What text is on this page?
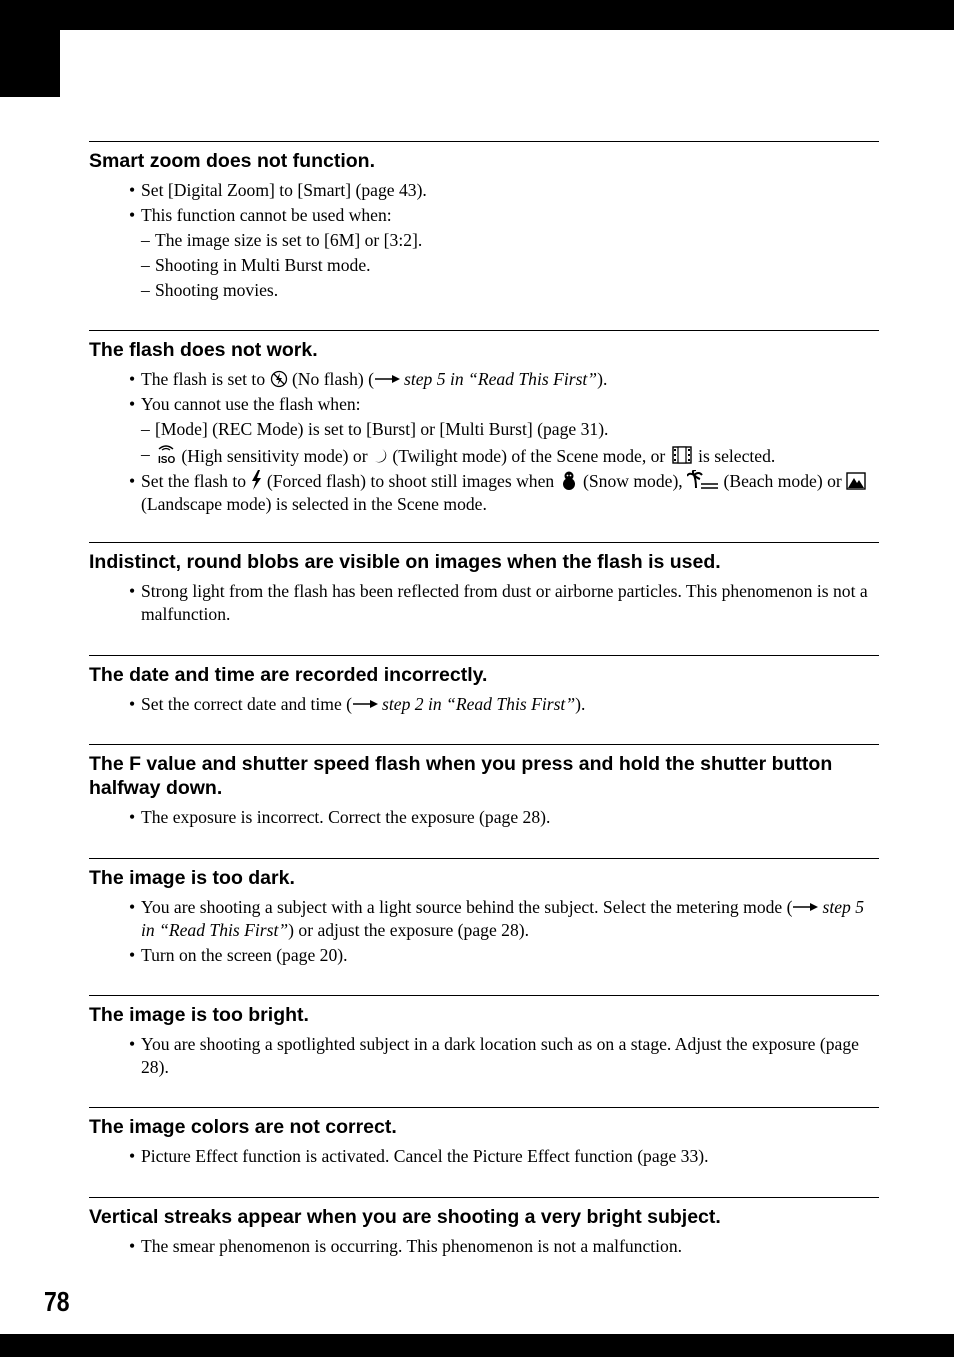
Smart zoom does not function.
• Set [Digital Zoom] to [Smart] (page 43).
• This function cannot be used when:
– The image size is set to [6M] or [3:2].
– Shooting in Multi Burst mode.
– Shooting movies.
The flash does not work.
• The flash is set to (No flash) ( step 5 in “Read This First”).
• You cannot use the flash when:
– [Mode] (REC Mode) is set to [Burst] or [Multi Burst] (page 31).
– ISO (High sensitivity mode) or (Twilight mode) of the Scene mode, or is selected.
• Set the flash to (Forced flash) to shoot still images when (Snow mode), (Beach mode) or  (Landscape mode) is selected in the Scene mode.
Indistinct, round blobs are visible on images when the flash is used.
• Strong light from the flash has been reflected from dust or airborne particles. This phenomenon is not a malfunction.
The date and time are recorded incorrectly.
• Set the correct date and time ( step 2 in “Read This First”).
The F value and shutter speed flash when you press and hold the shutter button halfway down.
• The exposure is incorrect. Correct the exposure (page 28).
The image is too dark.
• You are shooting a subject with a light source behind the subject. Select the metering mode ( step 5 in “Read This First”) or adjust the exposure (page 28).
• Turn on the screen (page 20).
The image is too bright.
• You are shooting a spotlighted subject in a dark location such as on a stage. Adjust the exposure (page 28).
The image colors are not correct.
• Picture Effect function is activated. Cancel the Picture Effect function (page 33).
Vertical streaks appear when you are shooting a very bright subject.
• The smear phenomenon is occurring. This phenomenon is not a malfunction.
78
